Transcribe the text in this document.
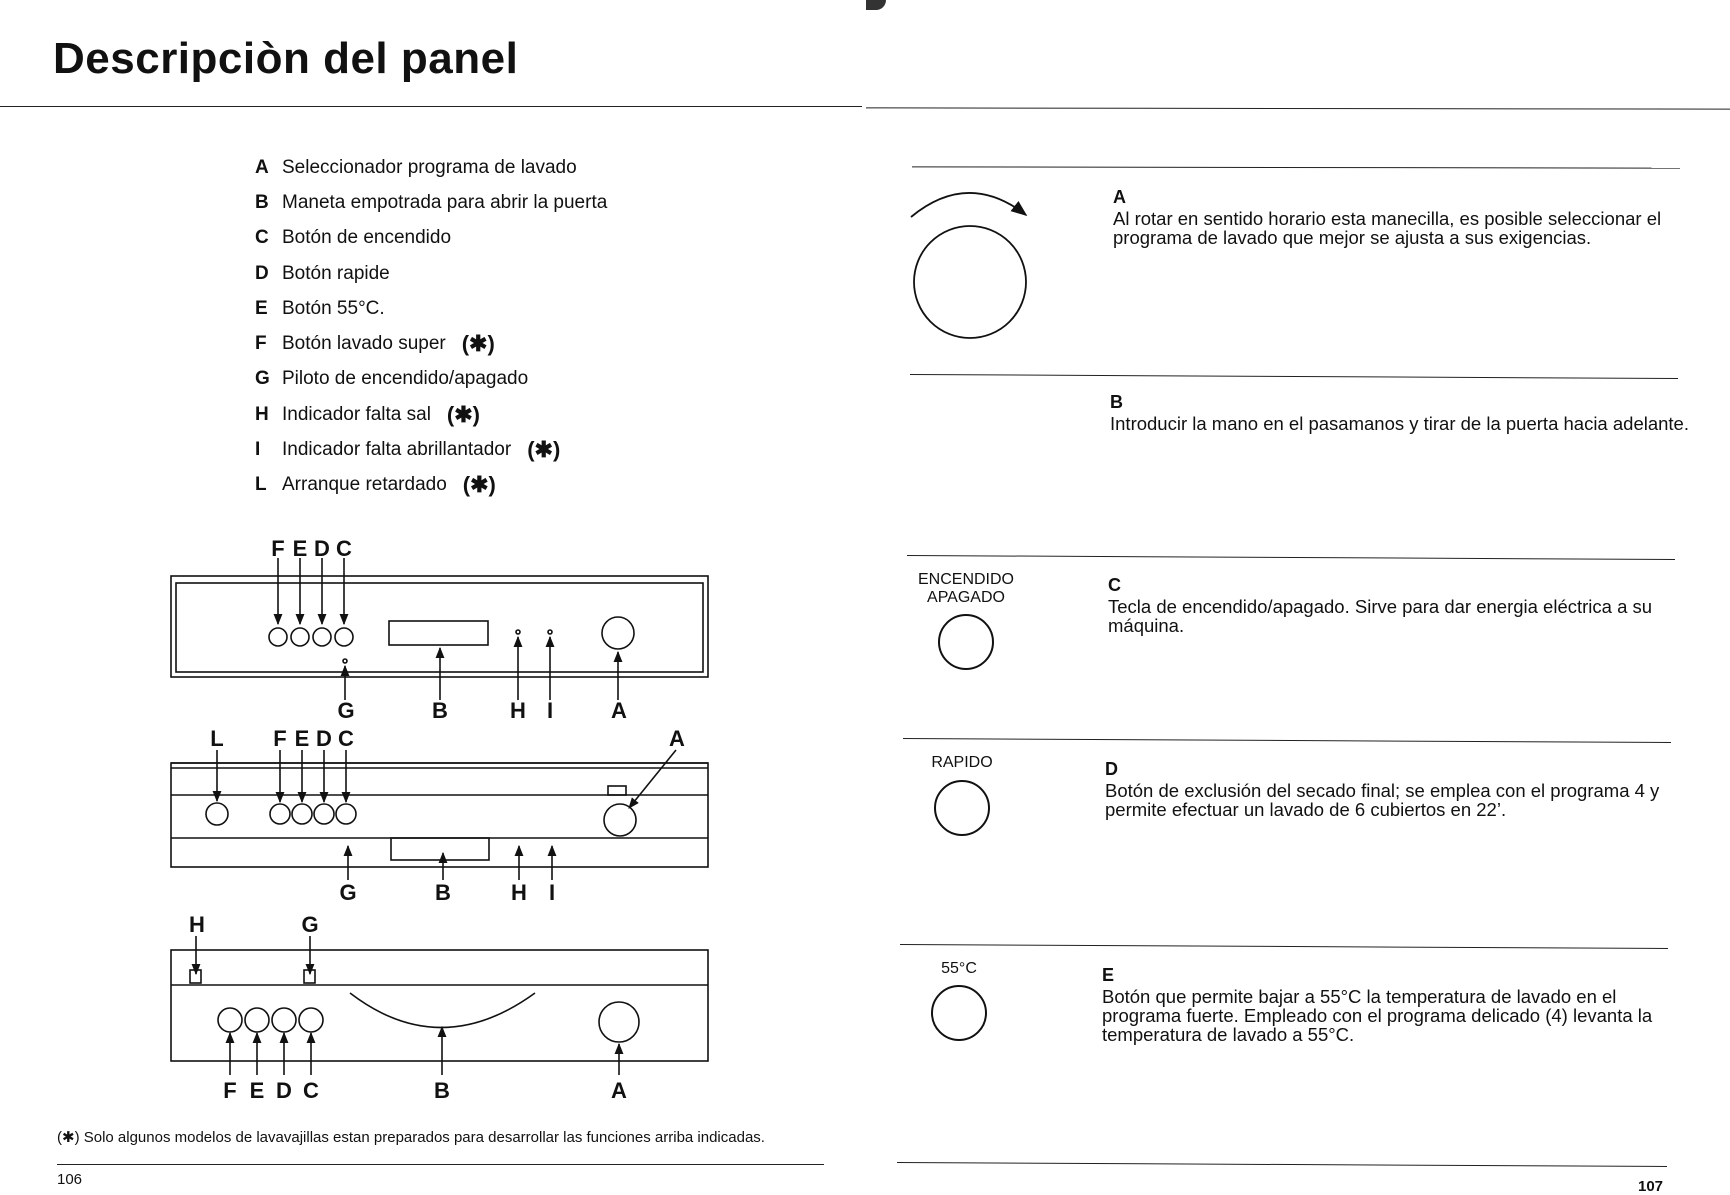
Descripciòn del panel
A Seleccionador programa de lavado
B Maneta empotrada para abrir la puerta
C Botón de encendido
D Botón rapide
E Botón 55°C.
F Botón lavado super (✱)
G Piloto de encendido/apagado
H Indicador falta sal (✱)
I	Indicador falta abrillantador (✱)
L Arranque retardado (✱)
F E D C
G	B	H I	A
L F E D C	A
G	B	H I
H	G
F E D C	B	A
(✱) Solo algunos modelos de lavavajillas estan preparados para desarrollar las funciones arriba indicadas.
106	107
A
Al rotar en sentido horario esta manecilla, es posible seleccionar el programa de lavado que mejor se ajusta a sus exigencias.
B
Introducir la mano en el pasamanos y tirar de la puerta hacia adelante.
ENCENDIDO
APAGADO
C
Tecla de encendido/apagado. Sirve para dar energia eléctrica a su máquina.
RAPIDO	D
Botón de exclusión del secado final; se emplea con el programa 4 y permite efectuar un lavado de 6 cubiertos en 22’.
55°C	E
Botón que permite bajar a 55°C la temperatura de lavado en el programa fuerte. Empleado con el programa delicado (4) levanta la temperatura de lavado a 55°C.
